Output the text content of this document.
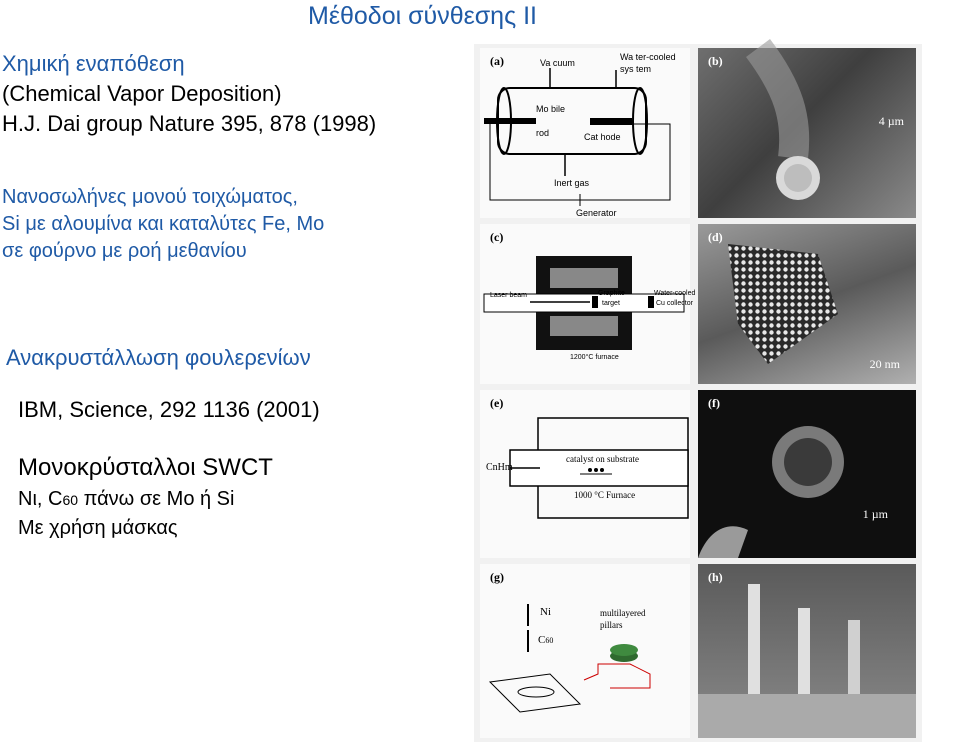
Μέθοδοι σύνθεσης ΙΙ
Χημική εναπόθεση
(Chemical Vapor Deposition)
H.J. Dai group Nature 395, 878 (1998)
Νανοσωλήνες μονού τοιχώματος,
Si με αλουμίνα και καταλύτες Fe, Mo
σε φούρνο με ροή μεθανίου
Ανακρυστάλλωση φουλερενίων
IBM, Science, 292 1136 (2001)
Μονοκρύσταλλοι SWCT
Nι, C60 πάνω σε Mo ή Si
Με χρήση μάσκας
(a)	Va cuum
Wa ter-cooled
sys tem
Mo bile
rod	Cat hode
Inert gas
Generator
(b)
4 µm
(c)
Laser beam	Graphite
target
Water-cooled
Cu collector
1200°C furnace
(d)
20 nm
(e)
CnHm
catalyst on substrate
1000 °C Furnace
(f)
1 µm
(g)
Ni
C60
multilayered
pillars
(h)
